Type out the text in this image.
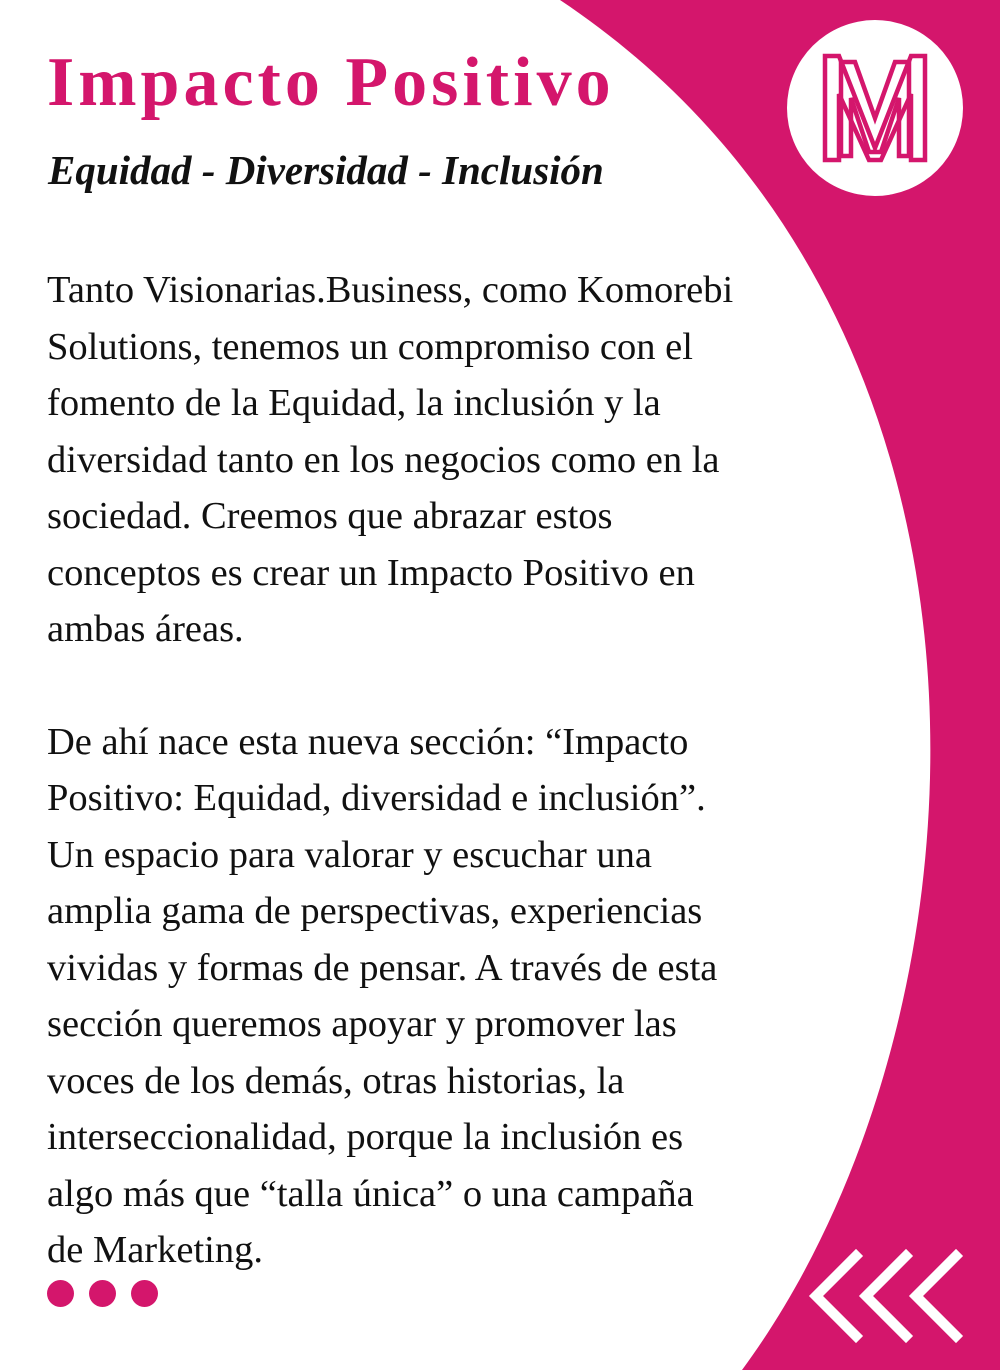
Impacto Positivo
Equidad - Diversidad - Inclusión

Tanto Visionarias.Business, como Komorebi
Solutions, tenemos un compromiso con el
fomento de la Equidad, la inclusión y la
diversidad tanto en los negocios como en la
sociedad. Creemos que abrazar estos
conceptos es crear un Impacto Positivo en
ambas áreas.

De ahí nace esta nueva sección: “Impacto
Positivo: Equidad, diversidad e inclusión”.
Un espacio para valorar y escuchar una
amplia gama de perspectivas, experiencias
vividas y formas de pensar. A través de esta
sección queremos apoyar y promover las
voces de los demás, otras historias, la
interseccionalidad, porque la inclusión es
algo más que “talla única” o una campaña
de Marketing.
